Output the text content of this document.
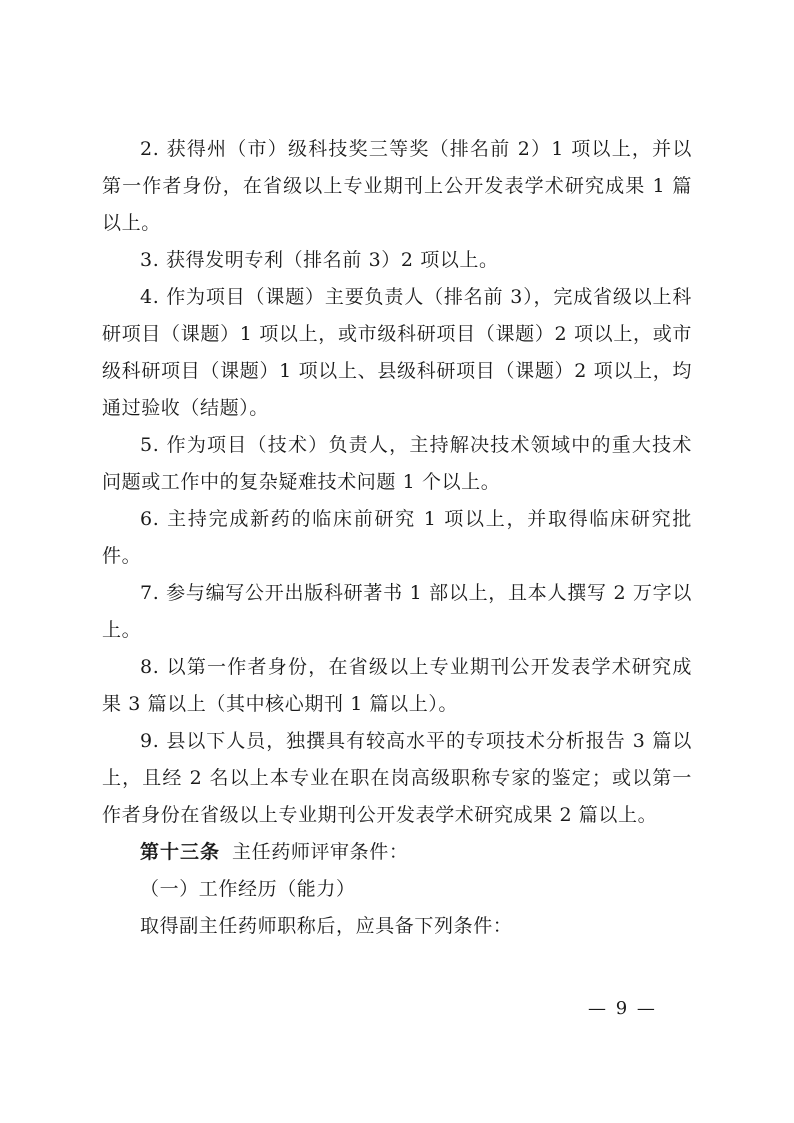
2. 获得州（市）级科技奖三等奖（排名前 2）1 项以上，并以第一作者身份，在省级以上专业期刊上公开发表学术研究成果 1 篇以上。

3. 获得发明专利（排名前 3）2 项以上。

4. 作为项目（课题）主要负责人（排名前 3），完成省级以上科研项目（课题）1 项以上，或市级科研项目（课题）2 项以上，或市级科研项目（课题）1 项以上、县级科研项目（课题）2 项以上，均通过验收（结题）。

5. 作为项目（技术）负责人，主持解决技术领域中的重大技术问题或工作中的复杂疑难技术问题 1 个以上。

6. 主持完成新药的临床前研究 1 项以上，并取得临床研究批件。

7. 参与编写公开出版科研著书 1 部以上，且本人撰写 2 万字以上。

8. 以第一作者身份，在省级以上专业期刊公开发表学术研究成果 3 篇以上（其中核心期刊 1 篇以上）。

9. 县以下人员，独撰具有较高水平的专项技术分析报告 3 篇以上，且经 2 名以上本专业在职在岗高级职称专家的鉴定；或以第一作者身份在省级以上专业期刊公开发表学术研究成果 2 篇以上。

第十三条 主任药师评审条件：

（一）工作经历（能力）

取得副主任药师职称后，应具备下列条件：

— 9 —
